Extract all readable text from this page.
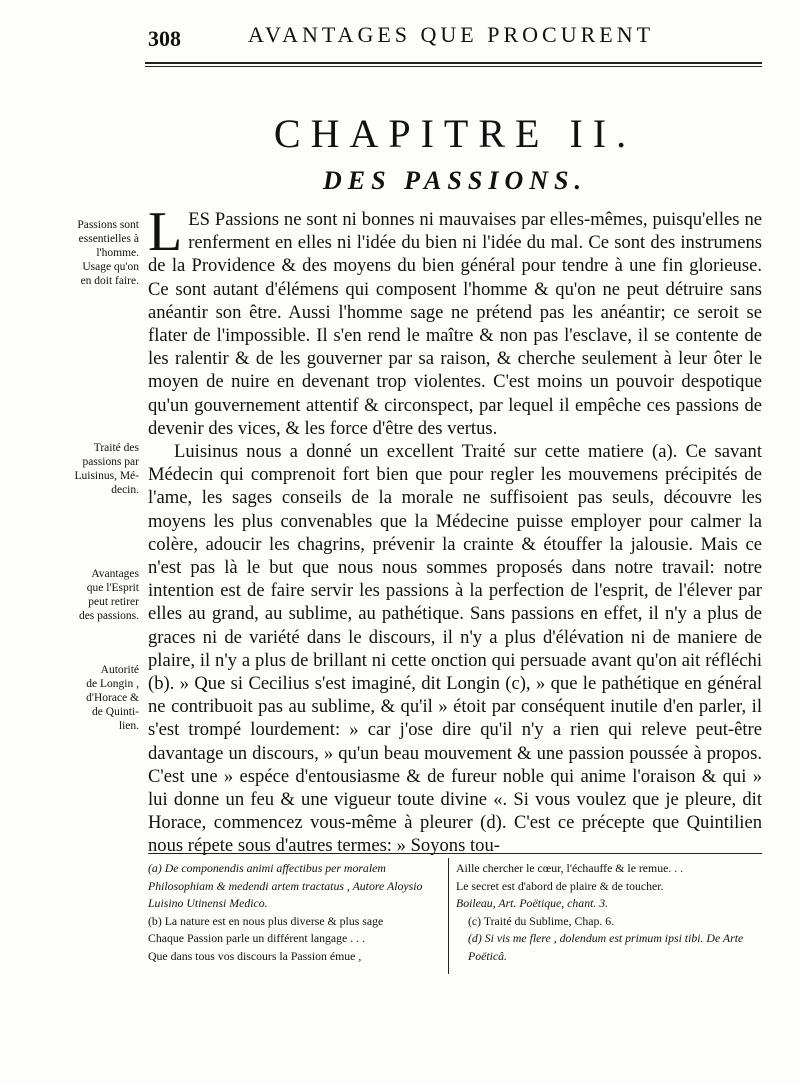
308	AVANTAGES QUE PROCURENT
CHAPITRE II.
DES PASSIONS.
Passions sont
essentielles à
l'homme.
Usage qu'on
en doit faire.
Traité des
passions par
Luisinus, Mé-
decin.
Avantages
que l'Esprit
peut retirer
des passions.
Autorité
de Longin ,
d'Horace &
de Quinti-
lien.

LES Passions ne sont ni bonnes ni mauvaises par elles-mêmes, puisqu'elles ne renferment en elles ni l'idée du bien ni l'idée du mal. Ce sont des instrumens de la Providence & des moyens du bien général pour tendre à une fin glorieuse. Ce sont autant d'élémens qui composent l'homme & qu'on ne peut détruire sans anéantir son être. Aussi l'homme sage ne prétend pas les anéantir; ce seroit se flater de l'impossible. Il s'en rend le maître & non pas l'esclave, il se contente de les ralentir & de les gouverner par sa raison, & cherche seulement à leur ôter le moyen de nuire en devenant trop violentes. C'est moins un pouvoir despotique qu'un gouvernement attentif & circonspect, par lequel il empêche ces passions de devenir des vices, & les force d'être des vertus.

Luisinus nous a donné un excellent Traité sur cette matiere (a). Ce savant Médecin qui comprenoit fort bien que pour regler les mouvemens précipités de l'ame, les sages conseils de la morale ne suffisoient pas seuls, découvre les moyens les plus convenables que la Médecine puisse employer pour calmer la colère, adoucir les chagrins, prévenir la crainte & étouffer la jalousie. Mais ce n'est pas là le but que nous nous sommes proposés dans notre travail: notre intention est de faire servir les passions à la perfection de l'esprit, de l'élever par elles au grand, au sublime, au pathétique. Sans passions en effet, il n'y a plus de graces ni de variété dans le discours, il n'y a plus d'élévation ni de maniere de plaire, il n'y a plus de brillant ni cette onction qui persuade avant qu'on ait réfléchi (b). » Que si Cecilius s'est imaginé, dit Longin (c), » que le pathétique en général ne contribuoit pas au sublime, & qu'il » étoit par conséquent inutile d'en parler, il s'est trompé lourdement: » car j'ose dire qu'il n'y a rien qui releve peut-être davantage un discours, » qu'un beau mouvement & une passion poussée à propos. C'est une » espéce d'entousiasme & de fureur noble qui anime l'oraison & qui » lui donne un feu & une vigueur toute divine «. Si vous voulez que je pleure, dit Horace, commencez vous-même à pleurer (d). C'est ce précepte que Quintilien nous répete sous d'autres termes: » Soyons tou-

(a) De componendis animi affectibus per moralem Philosophiam & medendi artem tractatus , Autore Aloysio Luisino Utinensi Medico.

(b) La nature est en nous plus diverse & plus sage

Chaque Passion parle un différent langage . . .

Que dans tous vos discours la Passion émue ,

Aille chercher le cœur, l'échauffe & le remue. . .

Le secret est d'abord de plaire & de toucher.

Boileau, Art. Poëtique, chant. 3.

(c) Traité du Sublime, Chap. 6.

(d) Si vis me flere , dolendum est primum ipsi tibi. De Arte Poëticâ.
